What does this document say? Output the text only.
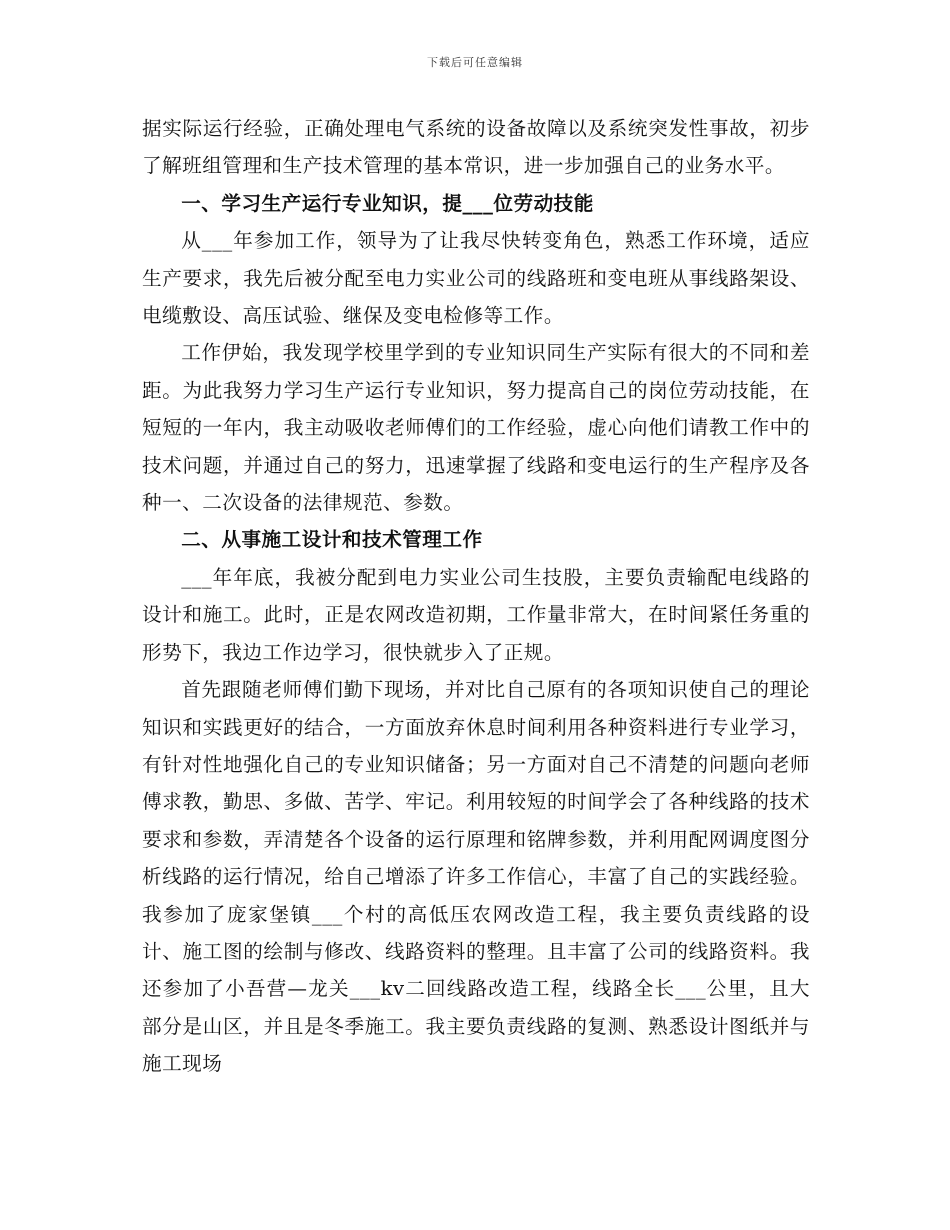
下载后可任意编辑

据实际运行经验，正确处理电气系统的设备故障以及系统突发性事故，初步了解班组管理和生产技术管理的基本常识，进一步加强自己的业务水平。

一、学习生产运行专业知识，提___位劳动技能

从___年参加工作，领导为了让我尽快转变角色，熟悉工作环境，适应生产要求，我先后被分配至电力实业公司的线路班和变电班从事线路架设、电缆敷设、高压试验、继保及变电检修等工作。

工作伊始，我发现学校里学到的专业知识同生产实际有很大的不同和差距。为此我努力学习生产运行专业知识，努力提高自己的岗位劳动技能，在短短的一年内，我主动吸收老师傅们的工作经验，虚心向他们请教工作中的技术问题，并通过自己的努力，迅速掌握了线路和变电运行的生产程序及各种一、二次设备的法律规范、参数。

二、从事施工设计和技术管理工作

___年年底，我被分配到电力实业公司生技股，主要负责输配电线路的设计和施工。此时，正是农网改造初期，工作量非常大，在时间紧任务重的形势下，我边工作边学习，很快就步入了正规。

首先跟随老师傅们勤下现场，并对比自己原有的各项知识使自己的理论知识和实践更好的结合，一方面放弃休息时间利用各种资料进行专业学习，有针对性地强化自己的专业知识储备；另一方面对自己不清楚的问题向老师傅求教，勤思、多做、苦学、牢记。利用较短的时间学会了各种线路的技术要求和参数，弄清楚各个设备的运行原理和铭牌参数，并利用配网调度图分析线路的运行情况，给自己增添了许多工作信心，丰富了自己的实践经验。我参加了庞家堡镇___个村的高低压农网改造工程，我主要负责线路的设计、施工图的绘制与修改、线路资料的整理。且丰富了公司的线路资料。我还参加了小吾营—龙关___kv二回线路改造工程，线路全长___公里，且大部分是山区，并且是冬季施工。我主要负责线路的复测、熟悉设计图纸并与施工现场
